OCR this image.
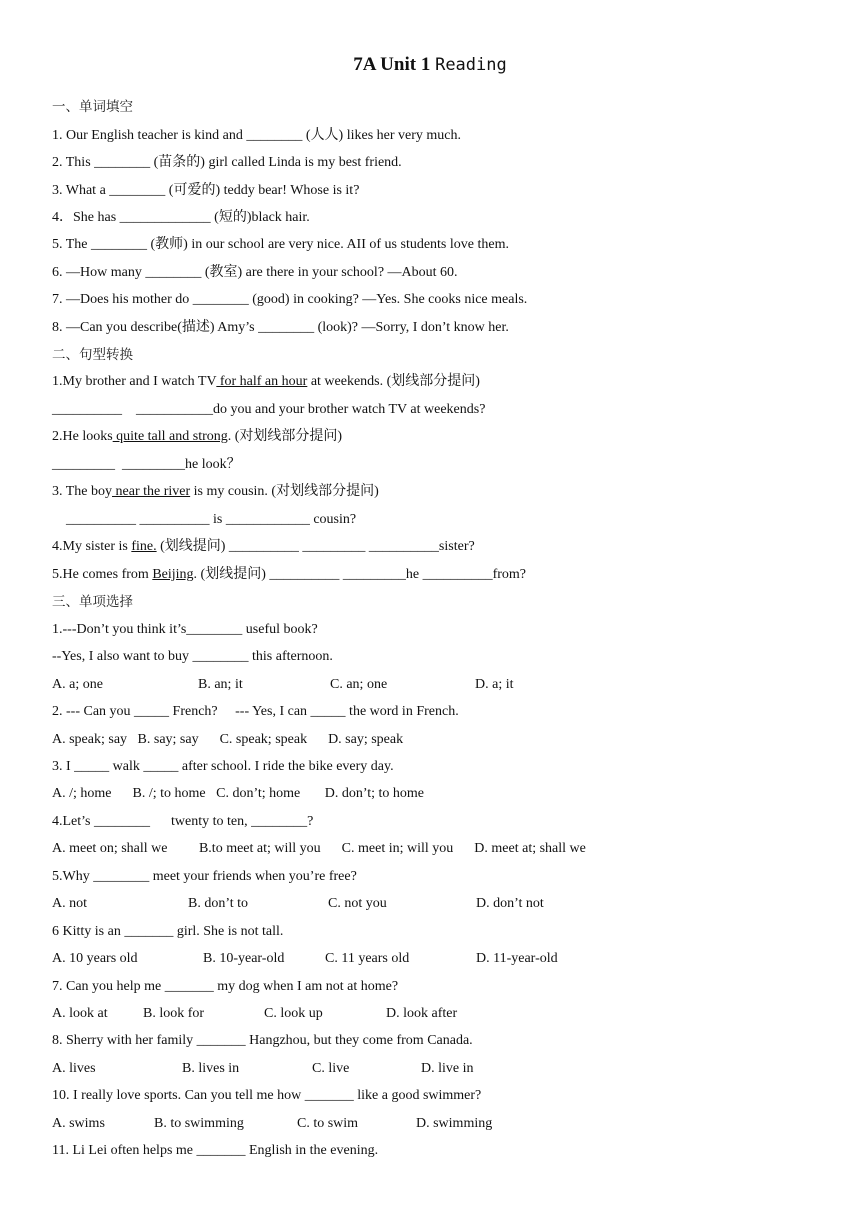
7A Unit 1 Reading
一、单词填空
1. Our English teacher is kind and ________ (人人) likes her very much.
2. This ________ (苗条的) girl called Linda is my best friend.
3. What a ________ (可爱的) teddy bear! Whose is it?
4．She has _____________ (短的)black hair.
5. The ________ (教师) in our school are very nice. AII of us students love them.
6. —How many ________ (教室) are there in your school? —About 60.
7. —Does his mother do ________ (good) in cooking? —Yes. She cooks nice meals.
8. —Can you describe(描述) Amy’s ________ (look)? —Sorry, I don’t know her.
二、句型转换
1.My brother and I watch TV for half an hour at weekends. (划线部分提问)
__________    ___________do you and your brother watch TV at weekends?
2.He looks quite tall and strong. (对划线部分提问)
_________  _________he look？
3. The boy near the river is my cousin. (对划线部分提问)
__________ __________ is ____________ cousin?
4.My sister is fine. (划线提问) __________ _________ __________sister?
5.He comes from Beijing. (划线提问) __________ _________he __________from?
三、单项选择
1.---Don’t you think it’s________ useful book?
--Yes, I also want to buy ________ this afternoon.

A. a; one

	B. an; it

	C. an; one

	D. a; it

2. --- Can you _____ French?     --- Yes, I can _____ the word in French.
A. speak; say   B. say; say      C. speak; speak      D. say; speak
3. I _____ walk _____ after school. I ride the bike every day.
A. /; home      B. /; to home   C. don’t; home       D. don’t; to home
4.Let’s ________      twenty to ten, ________?
A. meet on; shall we         B.to meet at; will you      C. meet in; will you      D. meet at; shall we
5.Why ________ meet your friends when you’re free?

A. not

	B. don’t to

	C. not you

	D. don’t not

6 Kitty is an _______ girl. She is not tall.

A. 10 years old

	B. 10-year-old

	C. 11 years old

	D. 11-year-old

7. Can you help me _______ my dog when I am not at home?

A. look at

	B. look for

	C. look up

	D. look after

8. Sherry with her family _______ Hangzhou, but they come from Canada.

A. lives

	B. lives in

	C. live

	D. live in

10. I really love sports. Can you tell me how _______ like a good swimmer?

A. swims

	B. to swimming

	C. to swim

	D. swimming

11. Li Lei often helps me _______ English in the evening.
